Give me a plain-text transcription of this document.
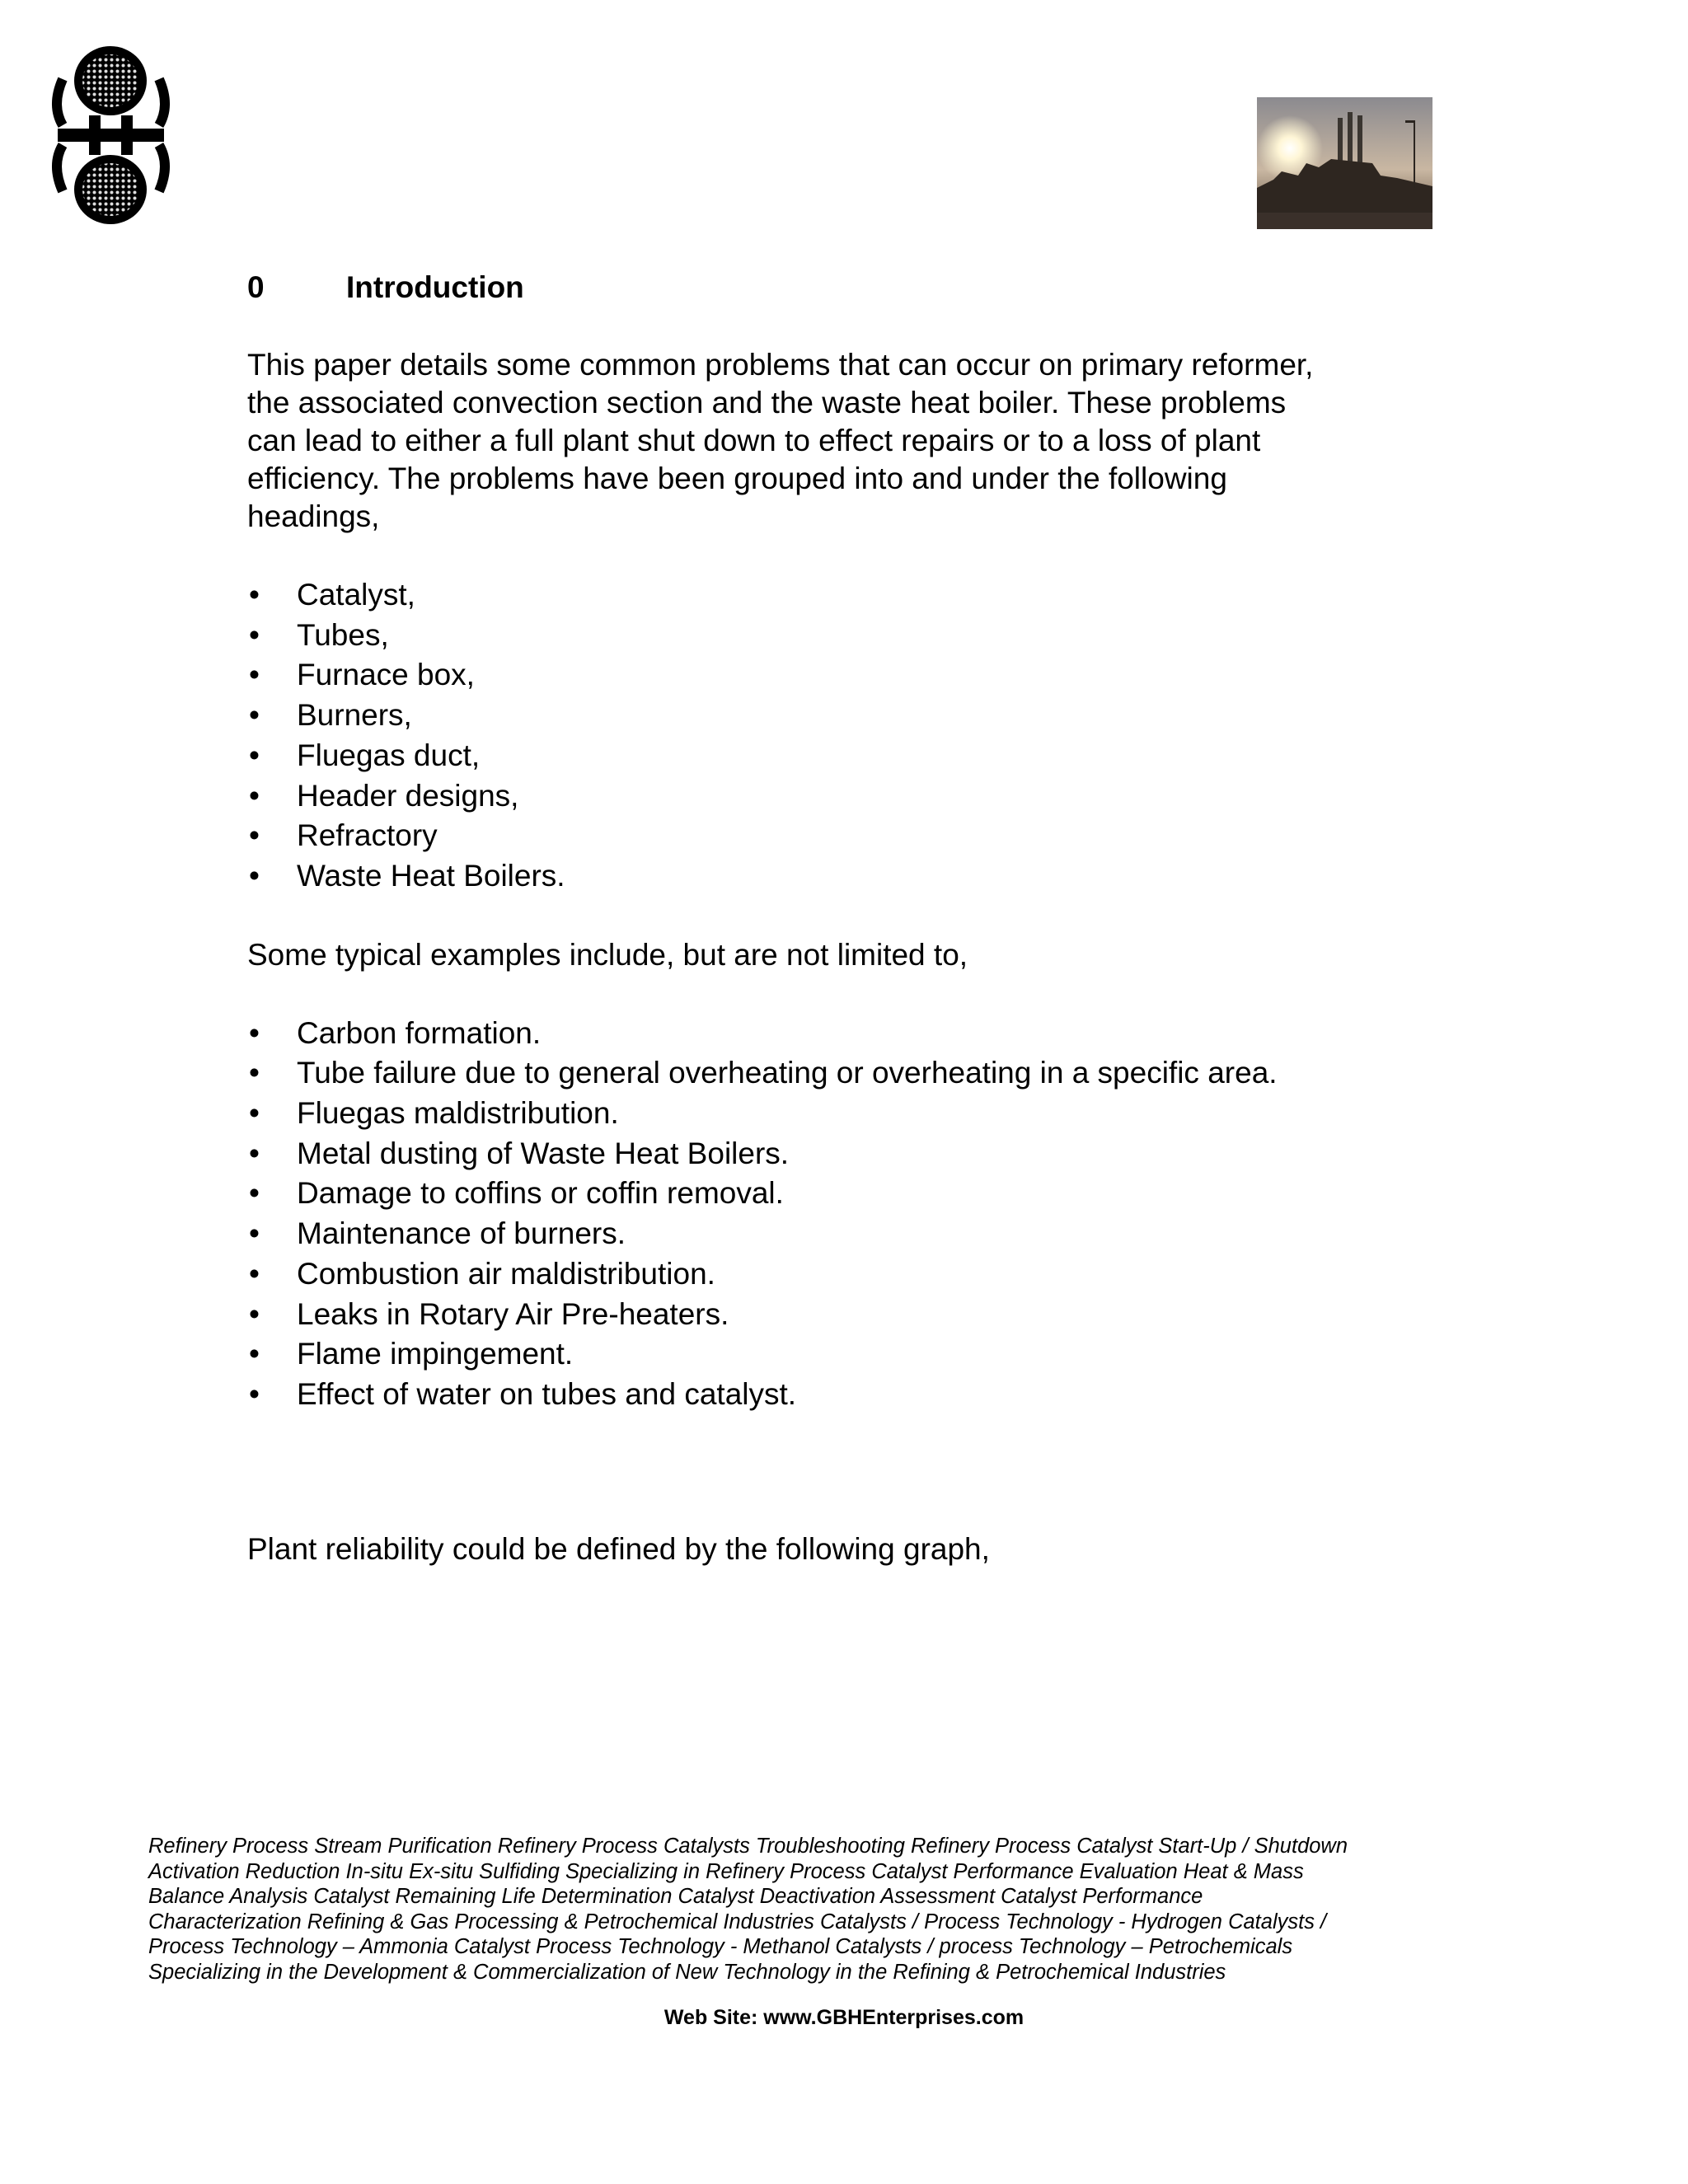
0	Introduction

This paper details some common problems that can occur on primary reformer,
the associated convection section and the waste heat boiler. These problems
can lead to either a full plant shut down to effect repairs or to a loss of plant
efficiency. The problems have been grouped into and under the following
headings,

•	Catalyst,
•	Tubes,
•	Furnace box,
•	Burners,
•	Fluegas duct,
•	Header designs,
•	Refractory
•	Waste Heat Boilers.

Some typical examples include, but are not limited to,

•	Carbon formation.
•	Tube failure due to general overheating or overheating in a specific area.
•	Fluegas maldistribution.
•	Metal dusting of Waste Heat Boilers.
•	Damage to coffins or coffin removal.
•	Maintenance of burners.
•	Combustion air maldistribution.
•	Leaks in Rotary Air Pre-heaters.
•	Flame impingement.
•	Effect of water on tubes and catalyst.

Plant reliability could be defined by the following graph,

Refinery Process Stream Purification Refinery Process Catalysts Troubleshooting Refinery Process Catalyst Start-Up / Shutdown
Activation Reduction In-situ Ex-situ Sulfiding Specializing in Refinery Process Catalyst Performance Evaluation Heat & Mass
Balance Analysis Catalyst Remaining Life Determination Catalyst Deactivation Assessment Catalyst Performance
Characterization Refining & Gas Processing & Petrochemical Industries Catalysts / Process Technology - Hydrogen Catalysts /
Process Technology – Ammonia Catalyst Process Technology - Methanol Catalysts / process Technology – Petrochemicals
Specializing in the Development & Commercialization of New Technology in the Refining & Petrochemical Industries
Web Site: www.GBHEnterprises.com
